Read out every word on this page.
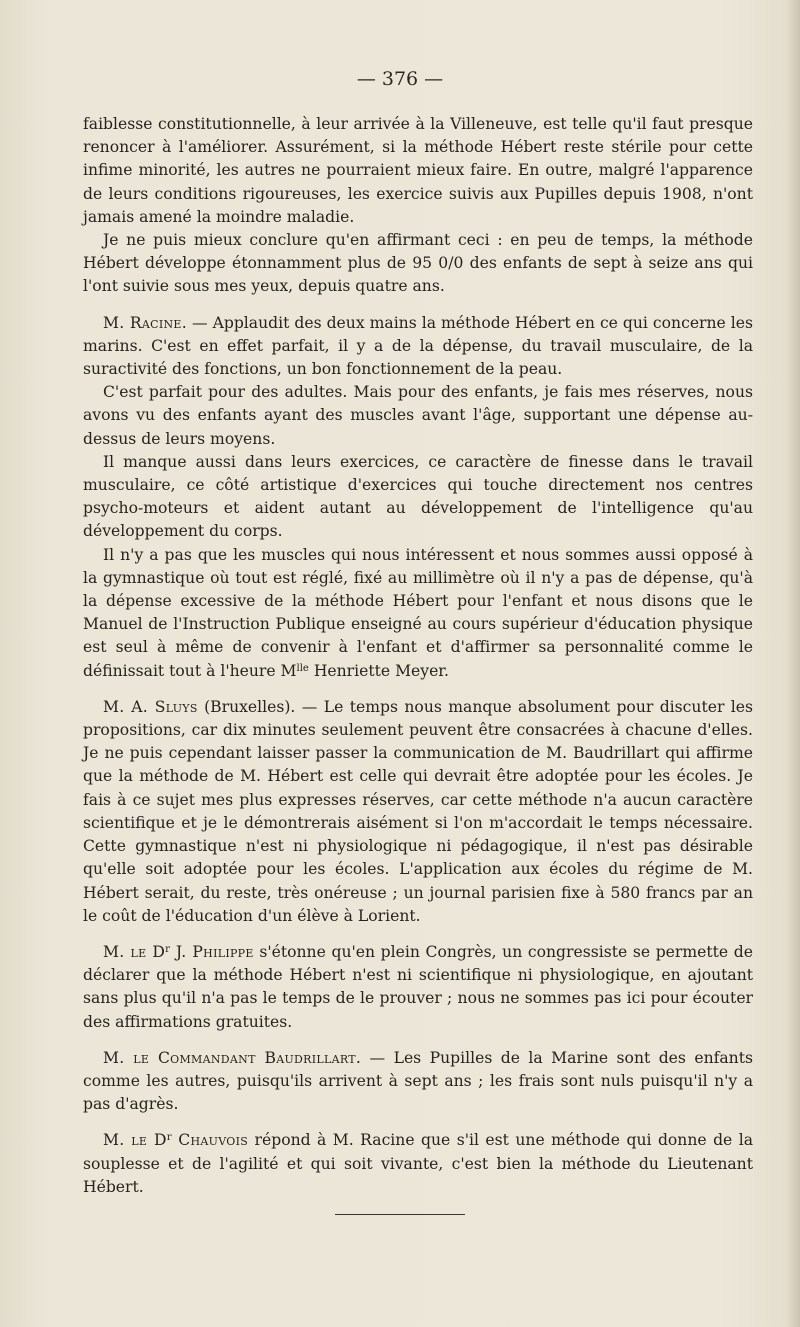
— 376 —

faiblesse constitutionnelle, à leur arrivée à la Villeneuve, est telle qu'il faut presque renoncer à l'améliorer. Assurément, si la méthode Hébert reste stérile pour cette infime minorité, les autres ne pourraient mieux faire. En outre, malgré l'apparence de leurs conditions rigoureuses, les exercice suivis aux Pupilles depuis 1908, n'ont jamais amené la moindre maladie.

Je ne puis mieux conclure qu'en affirmant ceci : en peu de temps, la méthode Hébert développe étonnamment plus de 95 0/0 des enfants de sept à seize ans qui l'ont suivie sous mes yeux, depuis quatre ans.

M. Racine. — Applaudit des deux mains la méthode Hébert en ce qui concerne les marins. C'est en effet parfait, il y a de la dépense, du travail musculaire, de la suractivité des fonctions, un bon fonctionnement de la peau.

C'est parfait pour des adultes. Mais pour des enfants, je fais mes réserves, nous avons vu des enfants ayant des muscles avant l'âge, supportant une dépense au-dessus de leurs moyens.

Il manque aussi dans leurs exercices, ce caractère de finesse dans le travail musculaire, ce côté artistique d'exercices qui touche directement nos centres psycho-moteurs et aident autant au développement de l'intelligence qu'au développement du corps.

Il n'y a pas que les muscles qui nous intéressent et nous sommes aussi opposé à la gymnastique où tout est réglé, fixé au millimètre où il n'y a pas de dépense, qu'à la dépense excessive de la méthode Hébert pour l'enfant et nous disons que le Manuel de l'Instruction Publique enseigné au cours supérieur d'éducation physique est seul à même de convenir à l'enfant et d'affirmer sa personnalité comme le définissait tout à l'heure $M^{lle}$ Henriette Meyer.

M. A. Sluys (Bruxelles). — Le temps nous manque absolument pour discuter les propositions, car dix minutes seulement peuvent être consacrées à chacune d'elles. Je ne puis cependant laisser passer la communication de M. Baudrillart qui affirme que la méthode de M. Hébert est celle qui devrait être adoptée pour les écoles. Je fais à ce sujet mes plus expresses réserves, car cette méthode n'a aucun caractère scientifique et je le démontrerais aisément si l'on m'accordait le temps nécessaire. Cette gymnastique n'est ni physiologique ni pédagogique, il n'est pas désirable qu'elle soit adoptée pour les écoles. L'application aux écoles du régime de M. Hébert serait, du reste, très onéreuse ; un journal parisien fixe à 580 francs par an le coût de l'éducation d'un élève à Lorient.

M. le $D^r$ J. Philippe s'étonne qu'en plein Congrès, un congressiste se permette de déclarer que la méthode Hébert n'est ni scientifique ni physiologique, en ajoutant sans plus qu'il n'a pas le temps de le prouver ; nous ne sommes pas ici pour écouter des affirmations gratuites.

M. le Commandant Baudrillart. — Les Pupilles de la Marine sont des enfants comme les autres, puisqu'ils arrivent à sept ans ; les frais sont nuls puisqu'il n'y a pas d'agrès.

M. le $D^r$ Chauvois répond à M. Racine que s'il est une méthode qui donne de la souplesse et de l'agilité et qui soit vivante, c'est bien la méthode du Lieutenant Hébert.
